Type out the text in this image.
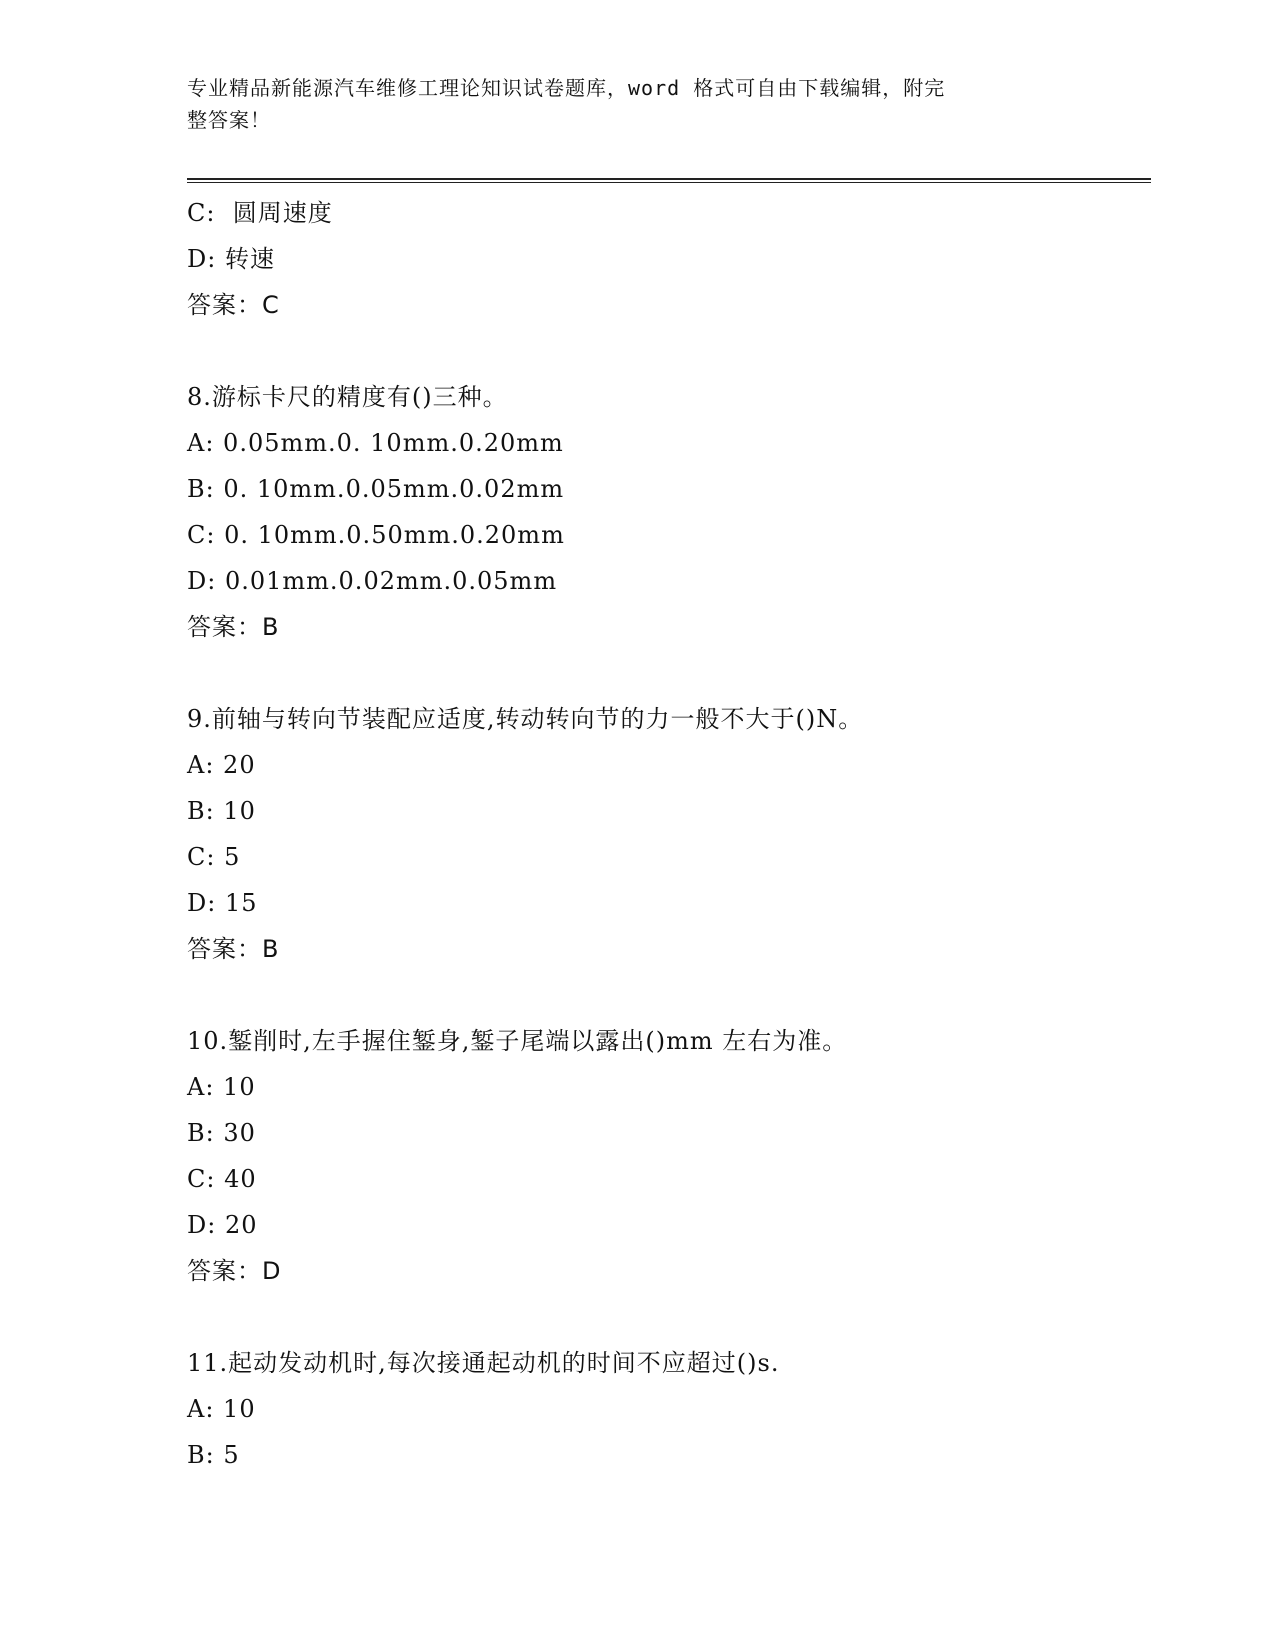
专业精品新能源汽车维修工理论知识试卷题库，word 格式可自由下载编辑，附完
整答案！
C:  圆周速度
D: 转速
答案：C
8.游标卡尺的精度有()三种。
A: 0.05mm.0. 10mm.0.20mm
B: 0. 10mm.0.05mm.0.02mm
C: 0. 10mm.0.50mm.0.20mm
D: 0.01mm.0.02mm.0.05mm
答案：B
9.前轴与转向节装配应适度,转动转向节的力一般不大于()N。
A: 20
B: 10
C: 5
D: 15
答案：B
10.錾削时,左手握住錾身,錾子尾端以露出()mm 左右为准。
A: 10
B: 30
C: 40
D: 20
答案：D
11.起动发动机时,每次接通起动机的时间不应超过()s.
A: 10
B: 5
